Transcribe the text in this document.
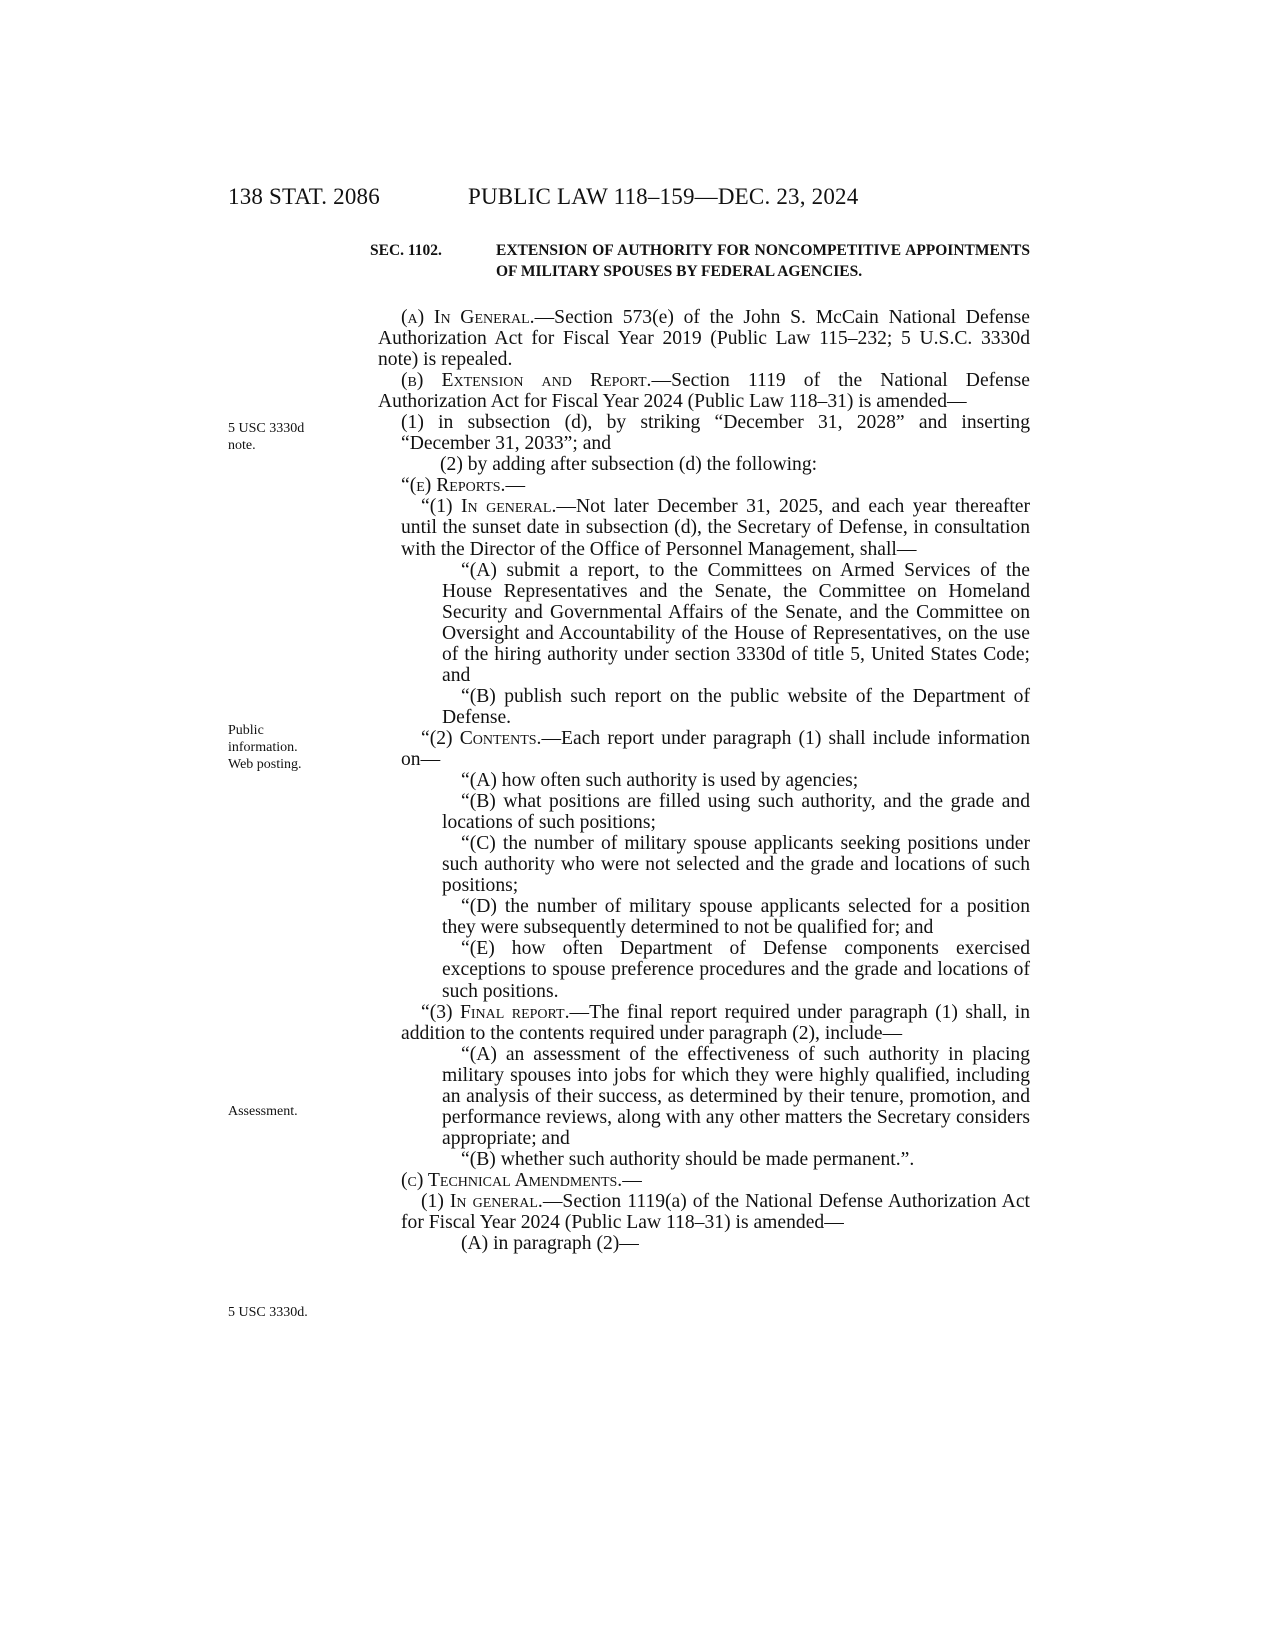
138 STAT. 2086	PUBLIC LAW 118–159—DEC. 23, 2024
SEC. 1102.	EXTENSION OF AUTHORITY FOR NONCOMPETITIVE APPOINTMENTS OF MILITARY SPOUSES BY FEDERAL AGENCIES.
5 USC 3330d note.
Public information. Web posting.
Assessment.
5 USC 3330d.

(a) In General.—Section 573(e) of the John S. McCain National Defense Authorization Act for Fiscal Year 2019 (Public Law 115–232; 5 U.S.C. 3330d note) is repealed.

(b) Extension and Report.—Section 1119 of the National Defense Authorization Act for Fiscal Year 2024 (Public Law 118–31) is amended—

(1) in subsection (d), by striking “December 31, 2028” and inserting “December 31, 2033”; and

(2) by adding after subsection (d) the following:

“(e) Reports.—

“(1) In general.—Not later December 31, 2025, and each year thereafter until the sunset date in subsection (d), the Secretary of Defense, in consultation with the Director of the Office of Personnel Management, shall—

“(A) submit a report, to the Committees on Armed Services of the House Representatives and the Senate, the Committee on Homeland Security and Governmental Affairs of the Senate, and the Committee on Oversight and Accountability of the House of Representatives, on the use of the hiring authority under section 3330d of title 5, United States Code; and

“(B) publish such report on the public website of the Department of Defense.

“(2) Contents.—Each report under paragraph (1) shall include information on—

“(A) how often such authority is used by agencies;

“(B) what positions are filled using such authority, and the grade and locations of such positions;

“(C) the number of military spouse applicants seeking positions under such authority who were not selected and the grade and locations of such positions;

“(D) the number of military spouse applicants selected for a position they were subsequently determined to not be qualified for; and

“(E) how often Department of Defense components exercised exceptions to spouse preference procedures and the grade and locations of such positions.

“(3) Final report.—The final report required under paragraph (1) shall, in addition to the contents required under paragraph (2), include—

“(A) an assessment of the effectiveness of such authority in placing military spouses into jobs for which they were highly qualified, including an analysis of their success, as determined by their tenure, promotion, and performance reviews, along with any other matters the Secretary considers appropriate; and

“(B) whether such authority should be made permanent.”.

(c) Technical Amendments.—

(1) In general.—Section 1119(a) of the National Defense Authorization Act for Fiscal Year 2024 (Public Law 118–31) is amended—

(A) in paragraph (2)—
